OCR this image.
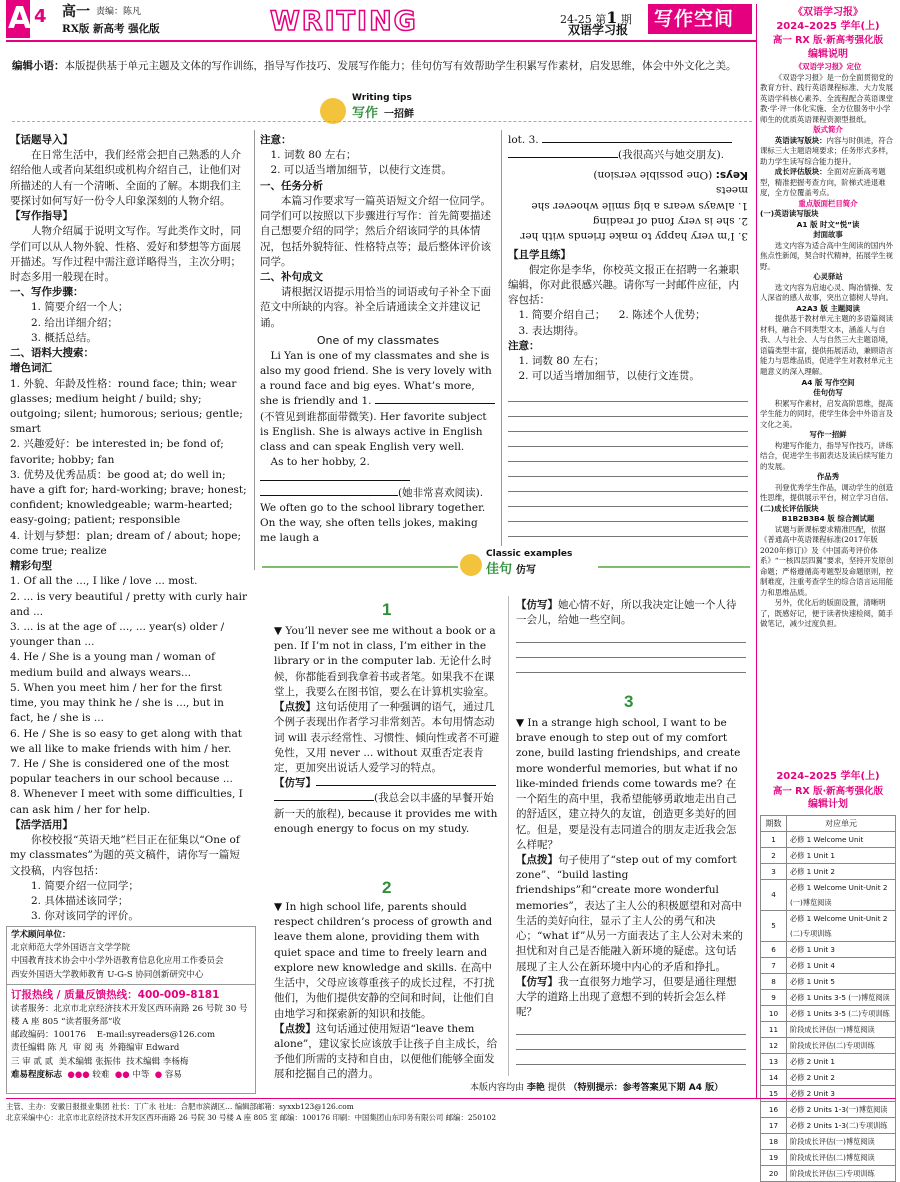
A 4 高一 责编：陈凡
RX版 新高考 强化版	WRITING	24-25 第1 期
双语学习报 写作空间
编辑小语：本版提供基于单元主题及文体的写作训练，指导写作技巧、发展写作能力；佳句仿写有效帮助学生积累写作素材，启发思维，体会中外文化之美。
Writing tips
写作 一招鲜

【话题导入】

在日常生活中，我们经常会把自己熟悉的人介绍给他人或者向某组织或机构介绍自己，让他们对所描述的人有一个清晰、全面的了解。本期我们主要探讨如何写好一份令人印象深刻的人物介绍。

【写作指导】

人物介绍属于说明文写作。写此类作文时，同学们可以从人物外貌、性格、爱好和梦想等方面展开描述。写作过程中需注意详略得当，主次分明；时态多用一般现在时。

一、写作步骤：

1. 简要介绍一个人；

2. 给出详细介绍；

3. 概括总结。

二、语料大搜索：

增色词汇

1. 外貌、年龄及性格：round face; thin; wear glasses; medium height / build; shy; outgoing; silent; humorous; serious; gentle; smart

2. 兴趣爱好：be interested in; be fond of; favorite; hobby; fan

3. 优势及优秀品质：be good at; do well in; have a gift for; hard-working; brave; honest; confident; knowledgeable; warm-hearted; easy-going; patient; responsible

4. 计划与梦想：plan; dream of / about; hope; come true; realize

精彩句型

1. Of all the ..., I like / love ... most.

2. ... is very beautiful / pretty with curly hair and ...

3. ... is at the age of ..., ... year(s) older / younger than ...

4. He / She is a young man / woman of medium build and always wears...

5. When you meet him / her for the first time, you may think he / she is ..., but in fact, he / she is ...

6. He / She is so easy to get along with that we all like to make friends with him / her.

7. He / She is considered one of the most popular teachers in our school because ...

8. Whenever I meet with some difficulties, I can ask him / her for help.

【活学活用】

你校校报“英语天地”栏目正在征集以“One of my classmates”为题的英文稿件，请你写一篇短文投稿，内容包括：

1. 简要介绍一位同学；

2. 具体描述该同学；

3. 你对该同学的评价。

注意：

1. 词数 80 左右；

2. 可以适当增加细节，以使行文连贯。

一、任务分析

本篇习作要求写一篇英语短文介绍一位同学。同学们可以按照以下步骤进行写作：首先简要描述自己想要介绍的同学；然后介绍该同学的具体情况，包括外貌特征、性格特点等；最后整体评价该同学。

二、补句成文

请根据汉语提示用恰当的词语或句子补全下面范文中所缺的内容。补全后请通读全文并建议记诵。

One of my classmates

Li Yan is one of my classmates and she is also my good friend. She is very lovely with a round face and big eyes. What’s more, she is friendly and 1.

(不管见到谁都面带微笑). Her favorite subject is English. She is always active in English class and can speak English very well.

As to her hobby, 2.

(她非常喜欢阅读). We often go to the school library together. On the way, she often tells jokes, making me laugh a

lot. 3.

(我很高兴与她交朋友).

3. I’m very happy to make friends with her

2. she is very fond of reading

1. always wears a big smile whoever she meets

Keys: (One possible version)

【且学且练】

假定你是李华，你校英文报正在招聘一名兼职编辑，你对此很感兴趣。请你写一封邮件应征，内容包括：

1. 简要介绍自己； 2. 陈述个人优势；

3. 表达期待。

注意：

1. 词数 80 左右；

2. 可以适当增加细节，以使行文连贯。

Classic examples
佳句 仿写
1

▼ You’ll never see me without a book or a pen. If I’m not in class, I’m either in the library or in the computer lab. 无论什么时候，你都能看到我拿着书或者笔。如果我不在课堂上，我要么在图书馆，要么在计算机实验室。

【点拨】这句话使用了一种强调的语气，通过几个例子表现出作者学习非常刻苦。本句用情态动词 will 表示经常性、习惯性、倾向性或者不可避免性，又用 never ... without 双重否定表肯定，更加突出说话人爱学习的特点。

【仿写】

(我总会以丰盛的早餐开始新一天的旅程), because it provides me with enough energy to focus on my study.

2

▼ In high school life, parents should respect children’s process of growth and leave them alone, providing them with quiet space and time to freely learn and explore new knowledge and skills. 在高中生活中，父母应该尊重孩子的成长过程，不打扰他们，为他们提供安静的空间和时间，让他们自由地学习和探索新的知识和技能。

【点拨】这句话通过使用短语“leave them alone”，建议家长应该放手让孩子自主成长，给予他们所需的支持和自由，以便他们能够全面发展和挖掘自己的潜力。

【仿写】她心情不好，所以我决定让她一个人待一会儿，给她一些空间。

3

▼ In a strange high school, I want to be brave enough to step out of my comfort zone, build lasting friendships, and create more wonderful memories, but what if no like-minded friends come towards me? 在一个陌生的高中里，我希望能够勇敢地走出自己的舒适区，建立持久的友谊，创造更多美好的回忆。但是，要是没有志同道合的朋友走近我会怎么样呢？

【点拨】句子使用了“step out of my comfort zone”、“build lasting friendships”和“create more wonderful memories”，表达了主人公的积极愿望和对高中生活的美好向往，显示了主人公的勇气和决心；“what if”从另一方面表达了主人公对未来的担忧和对自己是否能融入新环境的疑虑。这句话展现了主人公在新环境中内心的矛盾和挣扎。

【仿写】我一直很努力地学习，但要是通往理想大学的道路上出现了意想不到的转折会怎么样呢？

本版内容均由 李艳 提供 （特别提示：参考答案见下期 A4 版）

学术顾问单位：

北京师范大学外国语言文学学院

中国教育技术协会中小学外语教育信息化应用工作委员会

西安外国语大学教师教育 U-G-S 协同创新研究中心

订报热线 / 质量反馈热线：400-009-8181

读者服务：北京市北京经济技术开发区西环南路 26 号院 30 号楼 A 座 805 “读者服务部”收

邮政编码：100176 E-mail:syreaders@126.com

责任编辑 陈 凡 审 阅 夷 外籍编审 Edward

三 审 贰 贰 美术编辑 张振伟 技术编辑 李杨梅

难易程度标志 ●●● 较难 ●● 中等 ● 容易

《双语学习报》

2024–2025 学年(上)

高一 RX 版·新高考强化版

编辑说明

《双语学习报》定位

《双语学习报》是一份全面贯彻党的教育方针、践行英语课程标准、大力发展英语学科核心素养、全流程配合英语课堂教·学·评一体化实施、全方位服务中小学师生的优质英语课程资源型报纸。

版式简介

英语读写版块：内容与时俱进，符合课标三大主题语境要求；任务形式多样，助力学生读写综合能力提升。

成长评估版块：全面对应新高考题型，精准把握考查方向，阶梯式进退难度，全方位覆盖考点。

重点版面栏目简介

(一)英语读写版块

A1 版 时文“悦”读

封面故事

选文内容为适合高中生阅读的国内外焦点性新闻，契合时代精神，拓展学生视野。

心灵驿站

选文内容为启迪心灵、陶冶情操、发人深省的感人故事，突出立德树人导向。

A2A3 版 主题阅读

提供基于教材单元主题的多语篇阅读材料，融合不同类型文本，涵盖人与自我、人与社会、人与自然三大主题语境，语篇类型丰富，提供拓展活动，兼顾语言能力与思维品质，促进学生对教材单元主题意义的深入理解。

A4 版 写作空间

佳句仿写

积累写作素材，启发高阶思维，提高学生能力的同时，使学生体会中外语言及文化之美。

写作一招鲜

构建写作能力，指导写作技巧，讲练结合，促进学生书面表达及读后续写能力的发展。

作品秀

刊登优秀学生作品，调动学生的创造性思维，提供展示平台，树立学习自信。

(二)成长评估版块

B1B2B3B4 版 综合测试题

试题与新课标要求精准匹配，依据《普通高中英语课程标准(2017年版2020年修订)》及《中国高考评价体系》“一核四层四翼”要求，坚持开发原创命题；严格遵循高考题型及命题原则，控制难度，注重考查学生的综合语言运用能力和思维品质。

另外，优化后的版面设置，清晰明了，既感好记，便于读者快速检阅，随手做笔记，减少过度负担。

2024–2025 学年(上)

高一 RX 版·新高考强化版

编辑计划

期数	对应单元
1	必修 1 Welcome Unit
2	必修 1 Unit 1
3	必修 1 Unit 2
4	必修 1 Welcome Unit-Unit 2 (一)博览阅读
5	必修 1 Welcome Unit-Unit 2 (二)专项训练
6	必修 1 Unit 3
7	必修 1 Unit 4
8	必修 1 Unit 5
9	必修 1 Units 3-5 (一)博览阅读
10	必修 1 Units 3-5 (二)专项训练
11	阶段成长评估(一)博览阅读
12	阶段成长评估(二)专项训练
13	必修 2 Unit 1
14	必修 2 Unit 2
15	必修 2 Unit 3
16	必修 2 Units 1-3(一)博览阅读
17	必修 2 Units 1-3(二)专项训练
18	阶段成长评估(一)博览阅读
19	阶段成长评估(二)博览阅读
20	阶段成长评估(三)专项训练

主管、主办：安徽日报报业集团 社长：丁广永 社址：合肥市滨湖区… 编辑部邮箱：syxxb123@126.com

北京采编中心：北京市北京经济技术开发区西环南路 26 号院 30 号楼 A 座 805 室 邮编：100176 印刷：中国集团山东印务有限公司 邮编：250102
